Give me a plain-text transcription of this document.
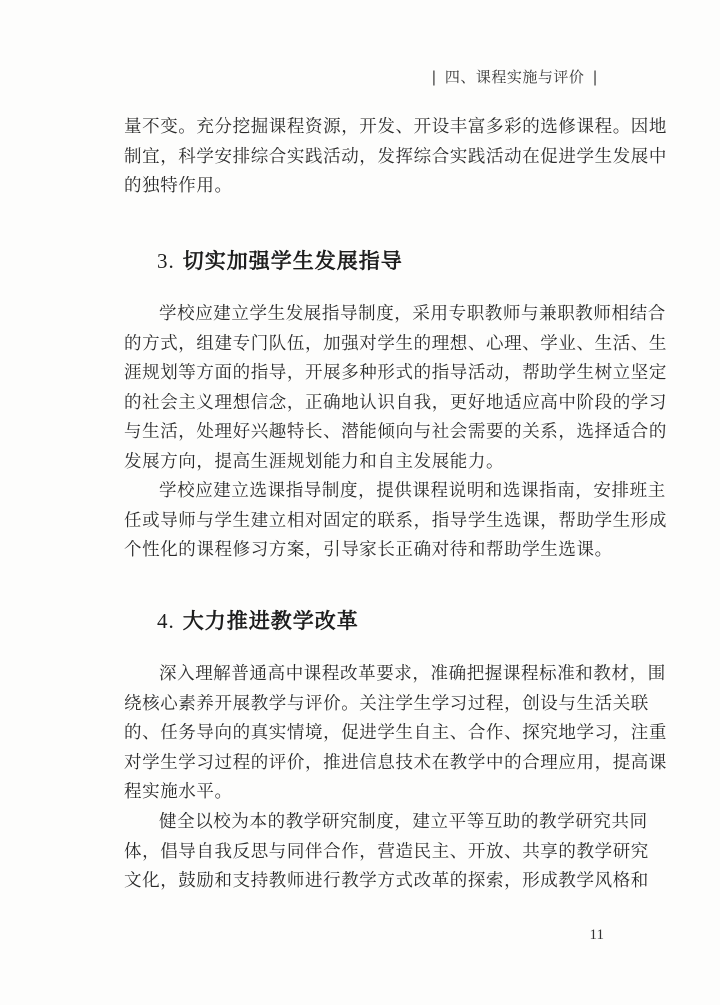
| 四、课程实施与评价 |
量不变。充分挖掘课程资源，开发、开设丰富多彩的选修课程。因地
制宜，科学安排综合实践活动，发挥综合实践活动在促进学生发展中
的独特作用。
3. 切实加强学生发展指导
学校应建立学生发展指导制度，采用专职教师与兼职教师相结合
的方式，组建专门队伍，加强对学生的理想、心理、学业、生活、生
涯规划等方面的指导，开展多种形式的指导活动，帮助学生树立坚定
的社会主义理想信念，正确地认识自我，更好地适应高中阶段的学习
与生活，处理好兴趣特长、潜能倾向与社会需要的关系，选择适合的
发展方向，提高生涯规划能力和自主发展能力。
学校应建立选课指导制度，提供课程说明和选课指南，安排班主
任或导师与学生建立相对固定的联系，指导学生选课，帮助学生形成
个性化的课程修习方案，引导家长正确对待和帮助学生选课。
4. 大力推进教学改革
深入理解普通高中课程改革要求，准确把握课程标准和教材，围
绕核心素养开展教学与评价。关注学生学习过程，创设与生活关联
的、任务导向的真实情境，促进学生自主、合作、探究地学习，注重
对学生学习过程的评价，推进信息技术在教学中的合理应用，提高课
程实施水平。
健全以校为本的教学研究制度，建立平等互助的教学研究共同
体，倡导自我反思与同伴合作，营造民主、开放、共享的教学研究
文化，鼓励和支持教师进行教学方式改革的探索，形成教学风格和
11
